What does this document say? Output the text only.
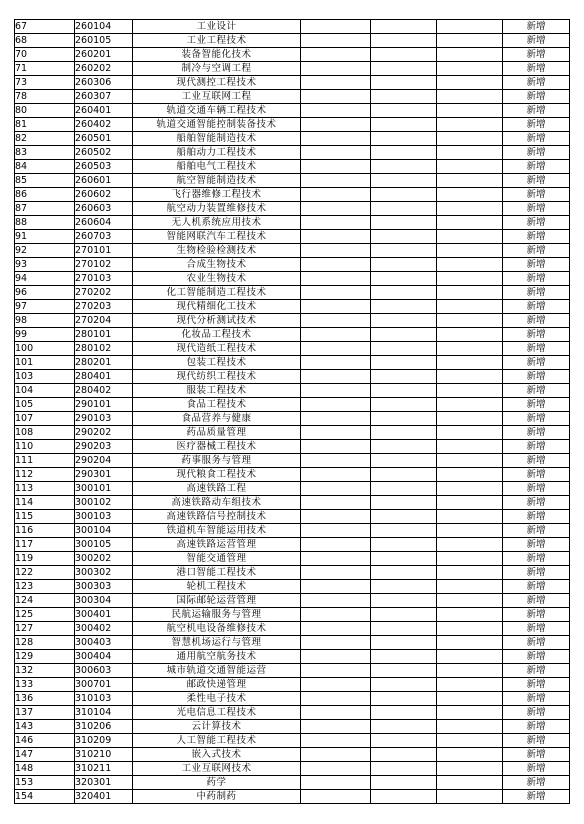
67	260104	工业设计				新增
68	260105	工业工程技术				新增
70	260201	装备智能化技术				新增
71	260202	制冷与空调工程				新增
73	260306	现代测控工程技术				新增
78	260307	工业互联网工程				新增
80	260401	轨道交通车辆工程技术				新增
81	260402	轨道交通智能控制装备技术				新增
82	260501	船舶智能制造技术				新增
83	260502	船舶动力工程技术				新增
84	260503	船舶电气工程技术				新增
85	260601	航空智能制造技术				新增
86	260602	飞行器维修工程技术				新增
87	260603	航空动力装置维修技术				新增
88	260604	无人机系统应用技术				新增
91	260703	智能网联汽车工程技术				新增
92	270101	生物检验检测技术				新增
93	270102	合成生物技术				新增
94	270103	农业生物技术				新增
96	270202	化工智能制造工程技术				新增
97	270203	现代精细化工技术				新增
98	270204	现代分析测试技术				新增
99	280101	化妆品工程技术				新增
100	280102	现代造纸工程技术				新增
101	280201	包装工程技术				新增
103	280401	现代纺织工程技术				新增
104	280402	服装工程技术				新增
105	290101	食品工程技术				新增
107	290103	食品营养与健康				新增
108	290202	药品质量管理				新增
110	290203	医疗器械工程技术				新增
111	290204	药事服务与管理				新增
112	290301	现代粮食工程技术				新增
113	300101	高速铁路工程				新增
114	300102	高速铁路动车组技术				新增
115	300103	高速铁路信号控制技术				新增
116	300104	铁道机车智能运用技术				新增
117	300105	高速铁路运营管理				新增
119	300202	智能交通管理				新增
122	300302	港口智能工程技术				新增
123	300303	轮机工程技术				新增
124	300304	国际邮轮运营管理				新增
125	300401	民航运输服务与管理				新增
127	300402	航空机电设备维修技术				新增
128	300403	智慧机场运行与管理				新增
129	300404	通用航空航务技术				新增
132	300603	城市轨道交通智能运营				新增
133	300701	邮政快递管理				新增
136	310103	柔性电子技术				新增
137	310104	光电信息工程技术				新增
143	310206	云计算技术				新增
146	310209	人工智能工程技术				新增
147	310210	嵌入式技术				新增
148	310211	工业互联网技术				新增
153	320301	药学				新增
154	320401	中药制药				新增
